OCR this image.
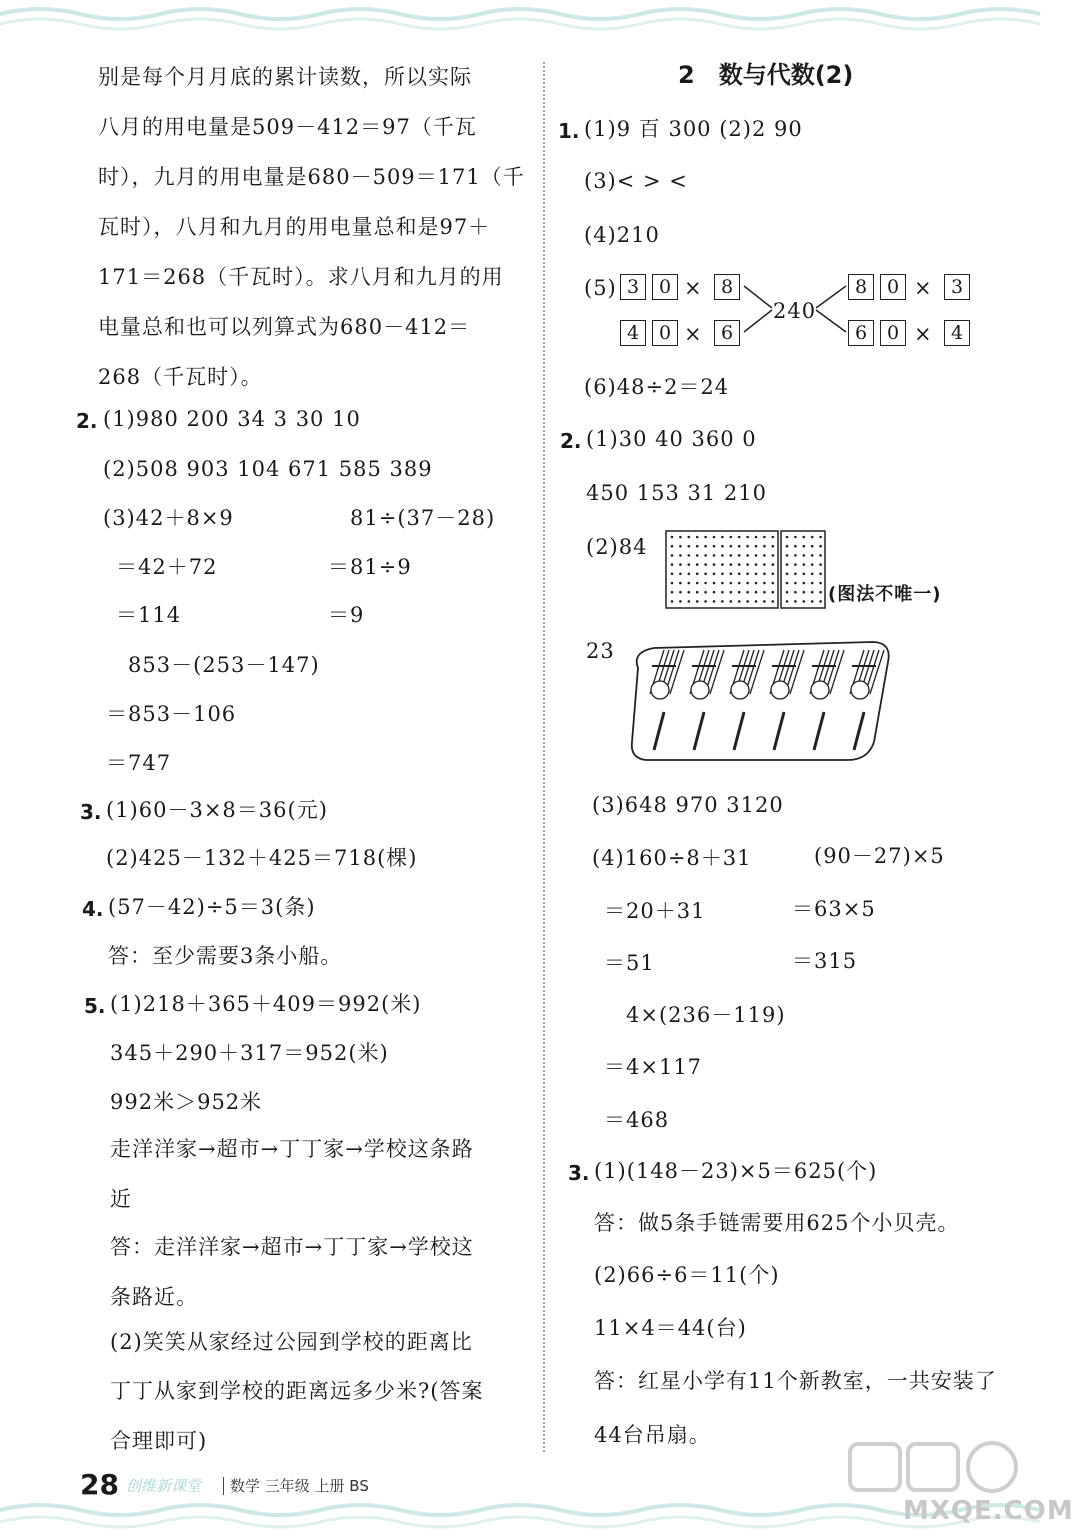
别是每个月月底的累计读数，所以实际
八月的用电量是509－412＝97（千瓦
时），九月的用电量是680－509＝171（千
瓦时），八月和九月的用电量总和是97＋
171＝268（千瓦时）。求八月和九月的用
电量总和也可以列算式为680－412＝
268（千瓦时）。
2. (1)980 200 34 3 30 10
(2)508 903 104 671 585 389
(3)42＋8×9	81÷(37－28)
＝42＋72	＝81÷9
＝114	＝9
853－(253－147)
＝853－106
＝747
3. (1)60－3×8＝36(元)
(2)425－132＋425＝718(棵)
4. (57－42)÷5＝3(条)
答：至少需要3条小船。
5. (1)218＋365＋409＝992(米)
345＋290＋317＝952(米)
992米＞952米
走洋洋家→超市→丁丁家→学校这条路
近
答：走洋洋家→超市→丁丁家→学校这
条路近。
(2)笑笑从家经过公园到学校的距离比
丁丁从家到学校的距离远多少米?(答案
合理即可)
2　数与代数(2)
1. (1)9 百 300 (2)2 90
(3)< > <
(4)210
(5) 3	0 ×	8
4	0 ×	6
240
8	0 ×	3
6	0 ×	4
(6)48÷2＝24
2. (1)30 40 360 0
450 153 31 210
(2)84
(图法不唯一)
23
(3)648 970 3120
(4)160÷8＋31	(90－27)×5
＝20＋31	＝63×5
＝51	＝315
4×(236－119)
＝4×117
＝468
3. (1)(148－23)×5＝625(个)
答：做5条手链需要用625个小贝壳。
(2)66÷6＝11(个)
11×4＝44(台)
答：红星小学有11个新教室，一共安装了
44台吊扇。
28 创维新课堂 数学 三年级 上册 BS
MXQE.COM
